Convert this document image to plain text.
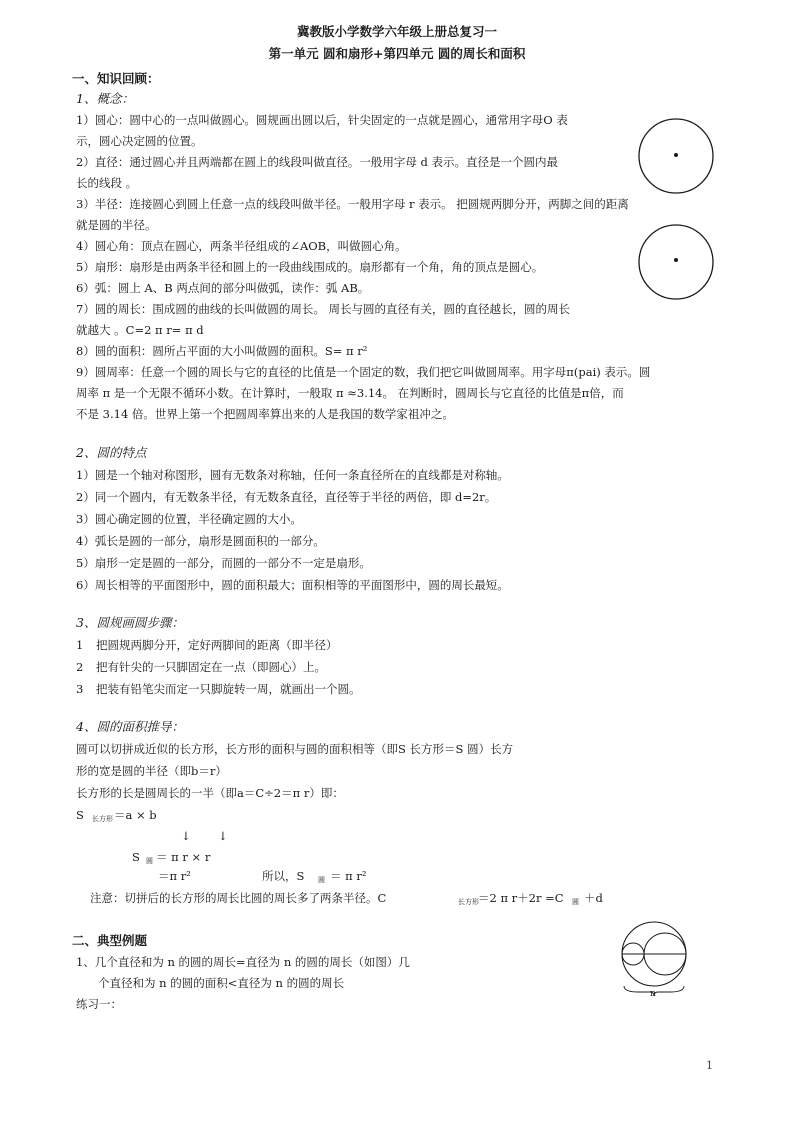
冀教版小学数学六年级上册总复习一
第一单元 圆和扇形+第四单元 圆的周长和面积
一、知识回顾：
1、概念：
1）圆心：圆中心的一点叫做圆心。圆规画出圆以后，针尖固定的一点就是圆心，通常用字母O 表
示，圆心决定圆的位置。
2）直径：通过圆心并且两端都在圆上的线段叫做直径。一般用字母 d 表示。直径是一个圆内最
长的线段 。
3）半径：连接圆心到圆上任意一点的线段叫做半径。一般用字母 r 表示。 把圆规两脚分开，两脚之间的距离
就是圆的半径。
4）圆心角：顶点在圆心，两条半径组成的∠AOB，叫做圆心角。
5）扇形：扇形是由两条半径和圆上的一段曲线围成的。扇形都有一个角，角的顶点是圆心。
6）弧：圆上 A、B 两点间的部分叫做弧，读作：弧 AB。
7）圆的周长：围成圆的曲线的长叫做圆的周长。 周长与圆的直径有关，圆的直径越长，圆的周长
就越大 。C=2 π r= π d
8）圆的面积：圆所占平面的大小叫做圆的面积。S= π r²
9）圆周率：任意一个圆的周长与它的直径的比值是一个固定的数，我们把它叫做圆周率。用字母π(pai) 表示。圆
周率 π 是一个无限不循环小数。在计算时，一般取 π ≈3.14。 在判断时，圆周长与它直径的比值是π倍，而
不是 3.14 倍。世界上第一个把圆周率算出来的人是我国的数学家祖冲之。
2、圆的特点
1）圆是一个轴对称图形，圆有无数条对称轴，任何一条直径所在的直线都是对称轴。
2）同一个圆内，有无数条半径，有无数条直径，直径等于半径的两倍，即 d=2r。
3）圆心确定圆的位置，半径确定圆的大小。
4）弧长是圆的一部分，扇形是圆面积的一部分。
5）扇形一定是圆的一部分，而圆的一部分不一定是扇形。
6）周长相等的平面图形中，圆的面积最大；面积相等的平面图形中，圆的周长最短。
3、圆规画圆步骤：
1 把圆规两脚分开，定好两脚间的距离（即半径）
2 把有针尖的一只脚固定在一点（即圆心）上。
3 把装有铅笔尖而定一只脚旋转一周，就画出一个圆。
4、圆的面积推导：
圆可以切拼成近似的长方形，长方形的面积与圆的面积相等（即S 长方形＝S 圆）长方
形的宽是圆的半径（即b＝r）
长方形的长是圆周长的一半（即a＝C÷2＝π r）即：
S 长方形 ＝a × b
↓ ↓
S 圆 ＝ π r × r
＝π r²	所以，S 圆 ＝ π r²
注意：切拼后的长方形的周长比圆的周长多了两条半径。C	长方形 ＝2 π r＋2r =C 圆 ＋d
二、典型例题
1、几个直径和为 n 的圆的周长=直径为 n 的圆的周长（如图）几
个直径和为 n 的圆的面积<直径为 n 的圆的周长
练习一：
n
1
